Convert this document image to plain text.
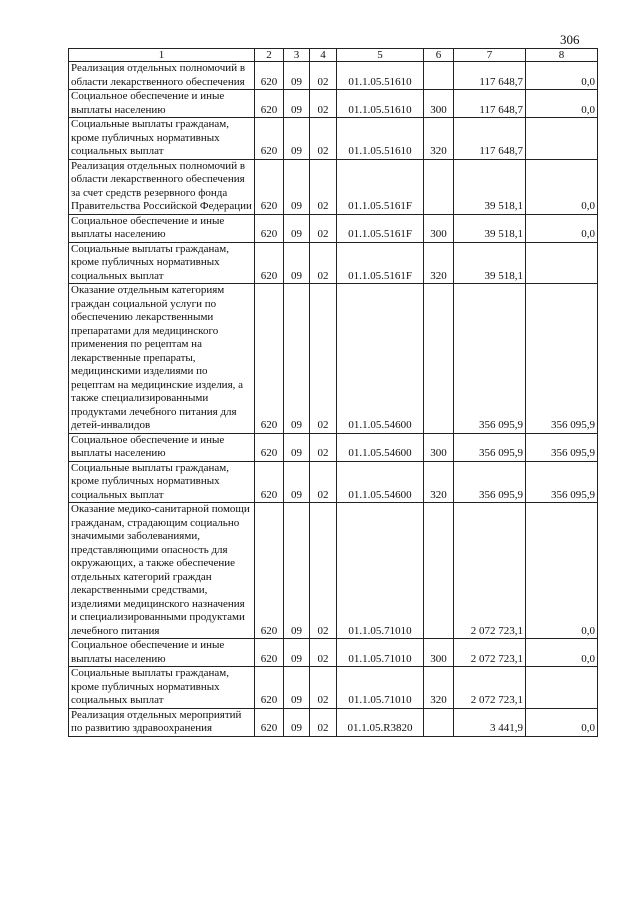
306
1	2	3	4	5	6	7	8
Реализация отдельных полномочий в области лекарственного обеспечения	620	09	02	01.1.05.51610		117 648,7	0,0
Социальное обеспечение и иные выплаты населению	620	09	02	01.1.05.51610	300	117 648,7	0,0
Социальные выплаты гражданам, кроме публичных нормативных социальных выплат	620	09	02	01.1.05.51610	320	117 648,7	
Реализация отдельных полномочий в области лекарственного обеспечения за счет средств резервного фонда Правительства Российской Федерации	620	09	02	01.1.05.5161F		39 518,1	0,0
Социальное обеспечение и иные выплаты населению	620	09	02	01.1.05.5161F	300	39 518,1	0,0
Социальные выплаты гражданам, кроме публичных нормативных социальных выплат	620	09	02	01.1.05.5161F	320	39 518,1	
Оказание отдельным категориям граждан социальной услуги по обеспечению лекарственными препаратами для медицинского применения по рецептам на лекарственные препараты, медицинскими изделиями по рецептам на медицинские изделия, а также специализированными продуктами лечебного питания для детей-инвалидов	620	09	02	01.1.05.54600		356 095,9	356 095,9
Социальное обеспечение и иные выплаты населению	620	09	02	01.1.05.54600	300	356 095,9	356 095,9
Социальные выплаты гражданам, кроме публичных нормативных социальных выплат	620	09	02	01.1.05.54600	320	356 095,9	356 095,9
Оказание медико-санитарной помощи гражданам, страдающим социально значимыми заболеваниями, представляющими опасность для окружающих, а также обеспечение отдельных категорий граждан лекарственными средствами, изделиями медицинского назначения и специализированными продуктами лечебного питания	620	09	02	01.1.05.71010		2 072 723,1	0,0
Социальное обеспечение и иные выплаты населению	620	09	02	01.1.05.71010	300	2 072 723,1	0,0
Социальные выплаты гражданам, кроме публичных нормативных социальных выплат	620	09	02	01.1.05.71010	320	2 072 723,1	
Реализация отдельных мероприятий по развитию здравоохранения	620	09	02	01.1.05.R3820		3 441,9	0,0
